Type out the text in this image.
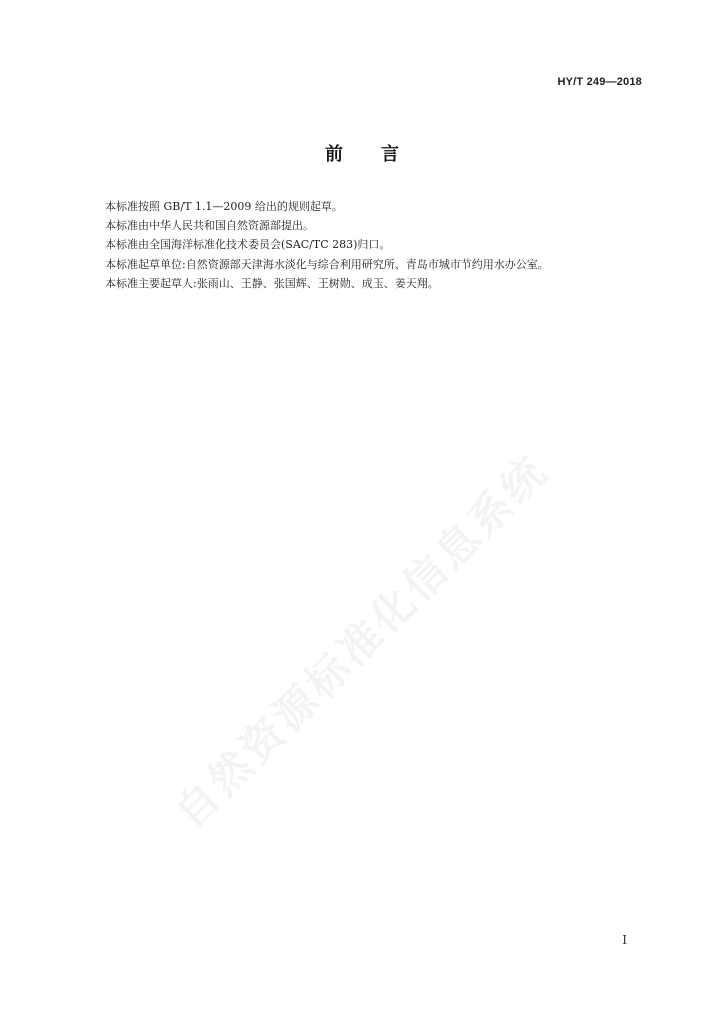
HY/T 249—2018
前言

本标准按照 GB/T 1.1—2009 给出的规则起草。

本标准由中华人民共和国自然资源部提出。

本标准由全国海洋标准化技术委员会(SAC/TC 283)归口。

本标准起草单位:自然资源部天津海水淡化与综合利用研究所、青岛市城市节约用水办公室。

本标准主要起草人:张雨山、王静、张国辉、王树勋、成玉、姜天翔。

自然资源标准化信息系统
I
